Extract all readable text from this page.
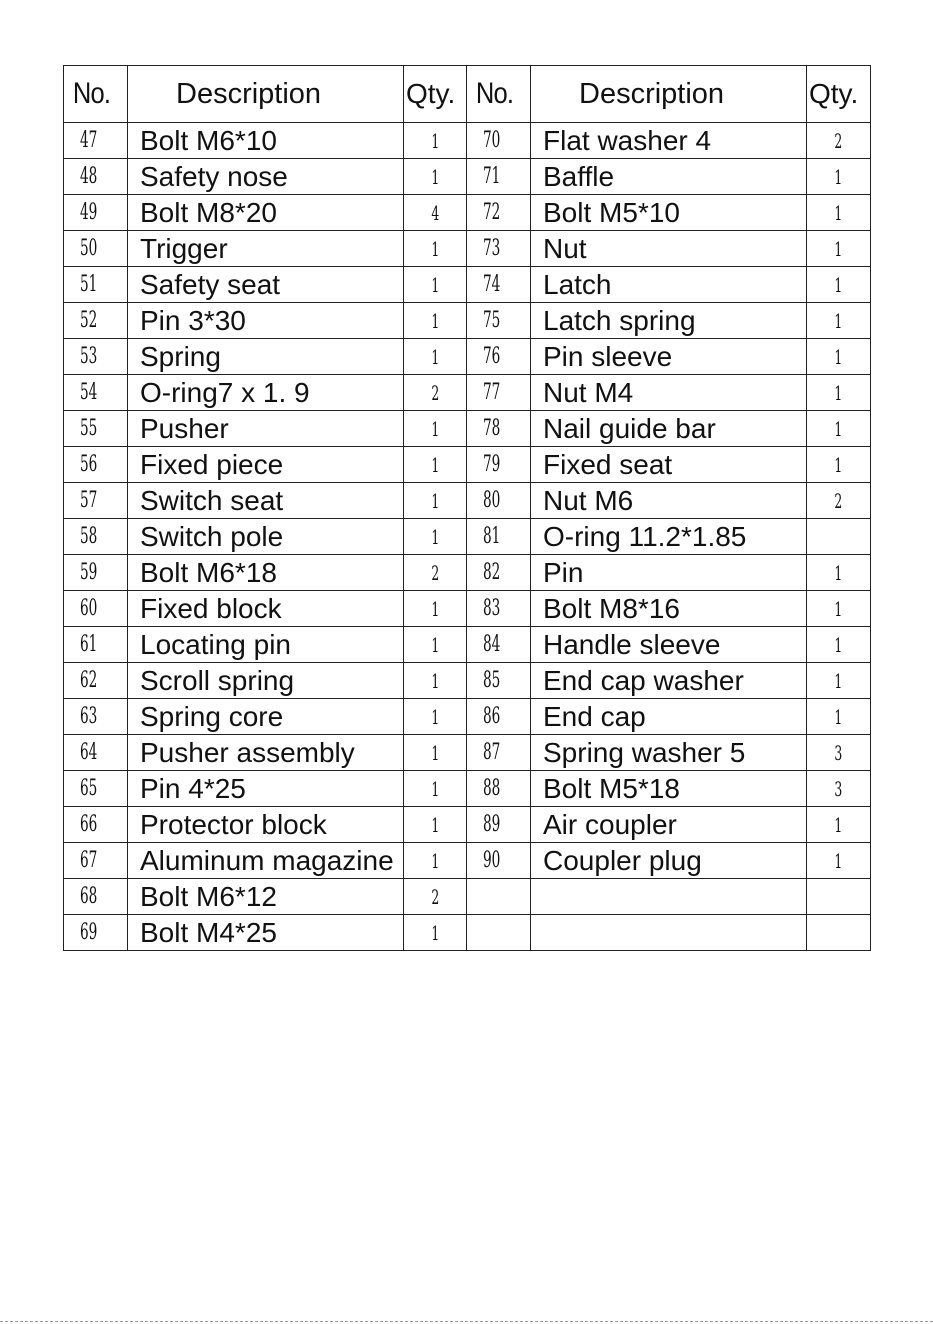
No.	Description	Qty.	No.	Description	Qty.
47	Bolt M6*10	1	70	Flat washer 4	2
48	Safety nose	1	71	Baffle	1
49	Bolt M8*20	4	72	Bolt M5*10	1
50	Trigger	1	73	Nut	1
51	Safety seat	1	74	Latch	1
52	Pin 3*30	1	75	Latch spring	1
53	Spring	1	76	Pin sleeve	1
54	O-ring7 x 1. 9	2	77	Nut M4	1
55	Pusher	1	78	Nail guide bar	1
56	Fixed piece	1	79	Fixed seat	1
57	Switch seat	1	80	Nut M6	2
58	Switch pole	1	81	O-ring 11.2*1.85	
59	Bolt M6*18	2	82	Pin	1
60	Fixed block	1	83	Bolt M8*16	1
61	Locating pin	1	84	Handle sleeve	1
62	Scroll spring	1	85	End cap washer	1
63	Spring core	1	86	End cap	1
64	Pusher assembly	1	87	Spring washer 5	3
65	Pin 4*25	1	88	Bolt M5*18	3
66	Protector block	1	89	Air coupler	1
67	Aluminum magazine	1	90	Coupler plug	1
68	Bolt M6*12	2			
69	Bolt M4*25	1			
